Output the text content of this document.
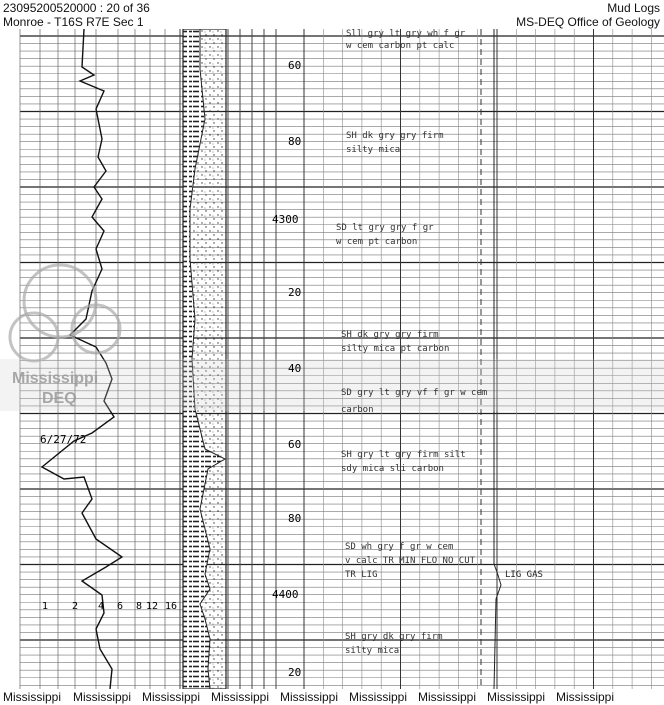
23095200520000 : 20 of 36
Monroe - T16S R7E Sec 1
Mud Logs
MS-DEQ Office of Geology
60
80
4300
20
40
60
80
4400
20
6/27/72
1 2 4 6 8 12 16
Mississippi
DEQ
Sll gry lt gry wh f gr
w cem carbon pt calc
SH dk gry gry firm
silty mica
SD lt gry gry f gr
w cem pt carbon
SH dk gry gry firm
silty mica pt carbon
SD gry lt gry vf f gr w cem
carbon
SH gry lt gry firm silt
sdy mica sli carbon
SD wh gry f gr w cem
v calc TR MIN FLO NO CUT
TR LIG
SH gry dk gry firm
silty mica
LIG GAS
Mississippi Mississippi Mississippi Mississippi Mississippi Mississippi Mississippi Mississippi Mississippi
